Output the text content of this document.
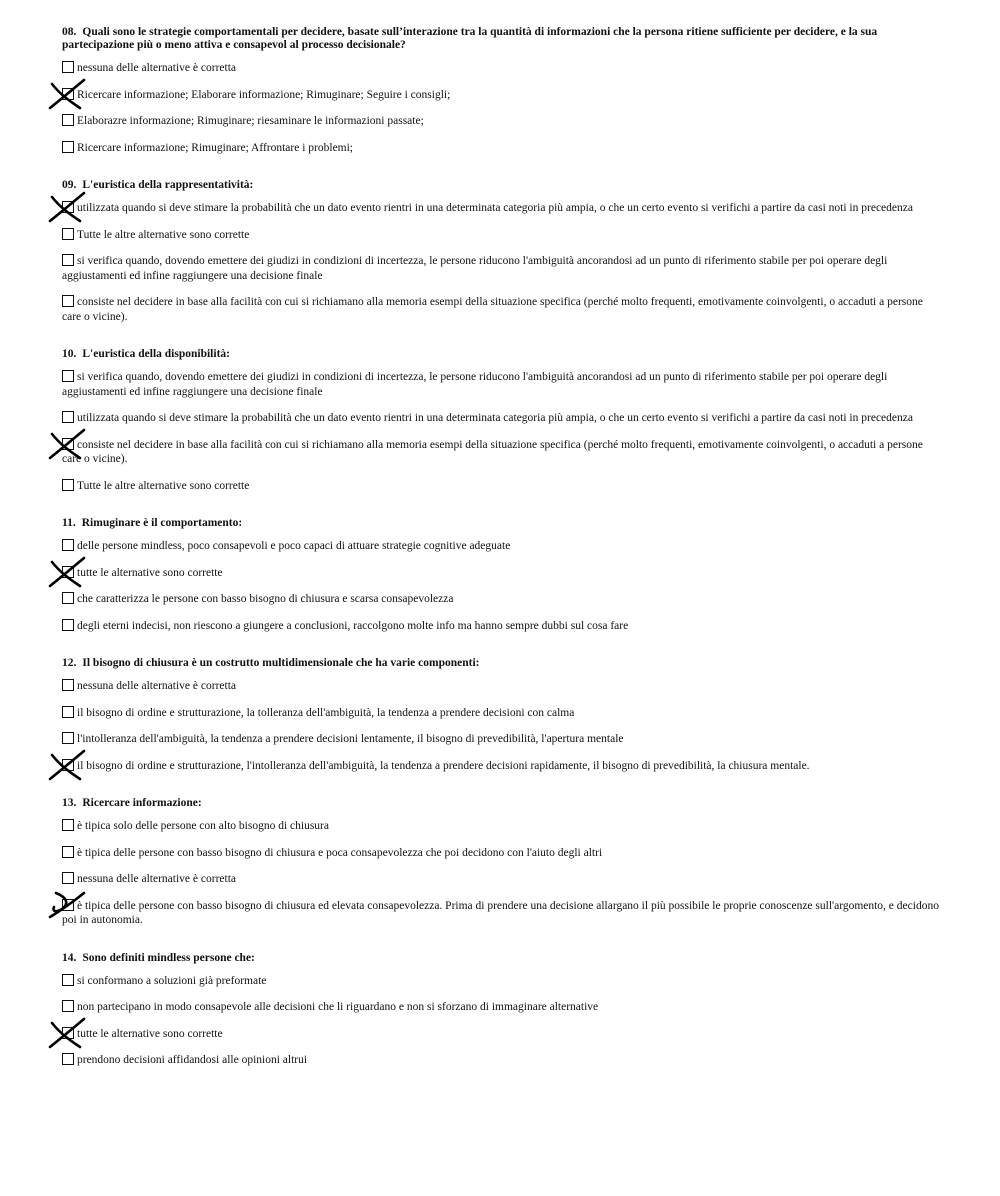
08. Quali sono le strategie comportamentali per decidere, basate sull’interazione tra la quantità di informazioni che la persona ritiene sufficiente per decidere, e la sua partecipazione più o meno attiva e consapevol al processo decisionale?
nessuna delle alternative è corretta
Ricercare informazione; Elaborare informazione; Rimuginare; Seguire i consigli;
Elaborazre informazione; Rimuginare; riesaminare le informazioni passate;
Ricercare informazione; Rimuginare; Affrontare i problemi;
09. L'euristica della rappresentatività:
utilizzata quando si deve stimare la probabilità che un dato evento rientri in una determinata categoria più ampia, o che un certo evento si verifichi a partire da casi noti in precedenza
Tutte le altre alternative sono corrette
si verifica quando, dovendo emettere dei giudizi in condizioni di incertezza, le persone riducono l'ambiguità ancorandosi ad un punto di riferimento stabile per poi operare degli aggiustamenti ed infine raggiungere una decisione finale
consiste nel decidere in base alla facilità con cui si richiamano alla memoria esempi della situazione specifica (perché molto frequenti, emotivamente coinvolgenti, o accaduti a persone care o vicine).
10. L'euristica della disponibilità:
si verifica quando, dovendo emettere dei giudizi in condizioni di incertezza, le persone riducono l'ambiguità ancorandosi ad un punto di riferimento stabile per poi operare degli aggiustamenti ed infine raggiungere una decisione finale
utilizzata quando si deve stimare la probabilità che un dato evento rientri in una determinata categoria più ampia, o che un certo evento si verifichi a partire da casi noti in precedenza
consiste nel decidere in base alla facilità con cui si richiamano alla memoria esempi della situazione specifica (perché molto frequenti, emotivamente coinvolgenti, o accaduti a persone care o vicine).
Tutte le altre alternative sono corrette
11. Rimuginare è il comportamento:
delle persone mindless, poco consapevoli e poco capaci di attuare strategie cognitive adeguate
tutte le alternative sono corrette
che caratterizza le persone con basso bisogno di chiusura e scarsa consapevolezza
degli eterni indecisi, non riescono a giungere a conclusioni, raccolgono molte info ma hanno sempre dubbi sul cosa fare
12. Il bisogno di chiusura è un costrutto multidimensionale che ha varie componenti:
nessuna delle alternative è corretta
il bisogno di ordine e strutturazione, la tolleranza dell'ambiguità, la tendenza a prendere decisioni con calma
l'intolleranza dell'ambiguità, la tendenza a prendere decisioni lentamente, il bisogno di prevedibilità, l'apertura mentale
il bisogno di ordine e strutturazione, l'intolleranza dell'ambiguità, la tendenza a prendere decisioni rapidamente, il bisogno di prevedibilità, la chiusura mentale.
13. Ricercare informazione:
è tipica solo delle persone con alto bisogno di chiusura
è tipica delle persone con basso bisogno di chiusura e poca consapevolezza che poi decidono con l'aiuto degli altri
nessuna delle alternative è corretta
è tipica delle persone con basso bisogno di chiusura ed elevata consapevolezza. Prima di prendere una decisione allargano il più possibile le proprie conoscenze sull'argomento, e decidono poi in autonomia.
14. Sono definiti mindless persone che:
si conformano a soluzioni già preformate
non partecipano in modo consapevole alle decisioni che li riguardano e non si sforzano di immaginare alternative
tutte le alternative sono corrette
prendono decisioni affidandosi alle opinioni altrui
